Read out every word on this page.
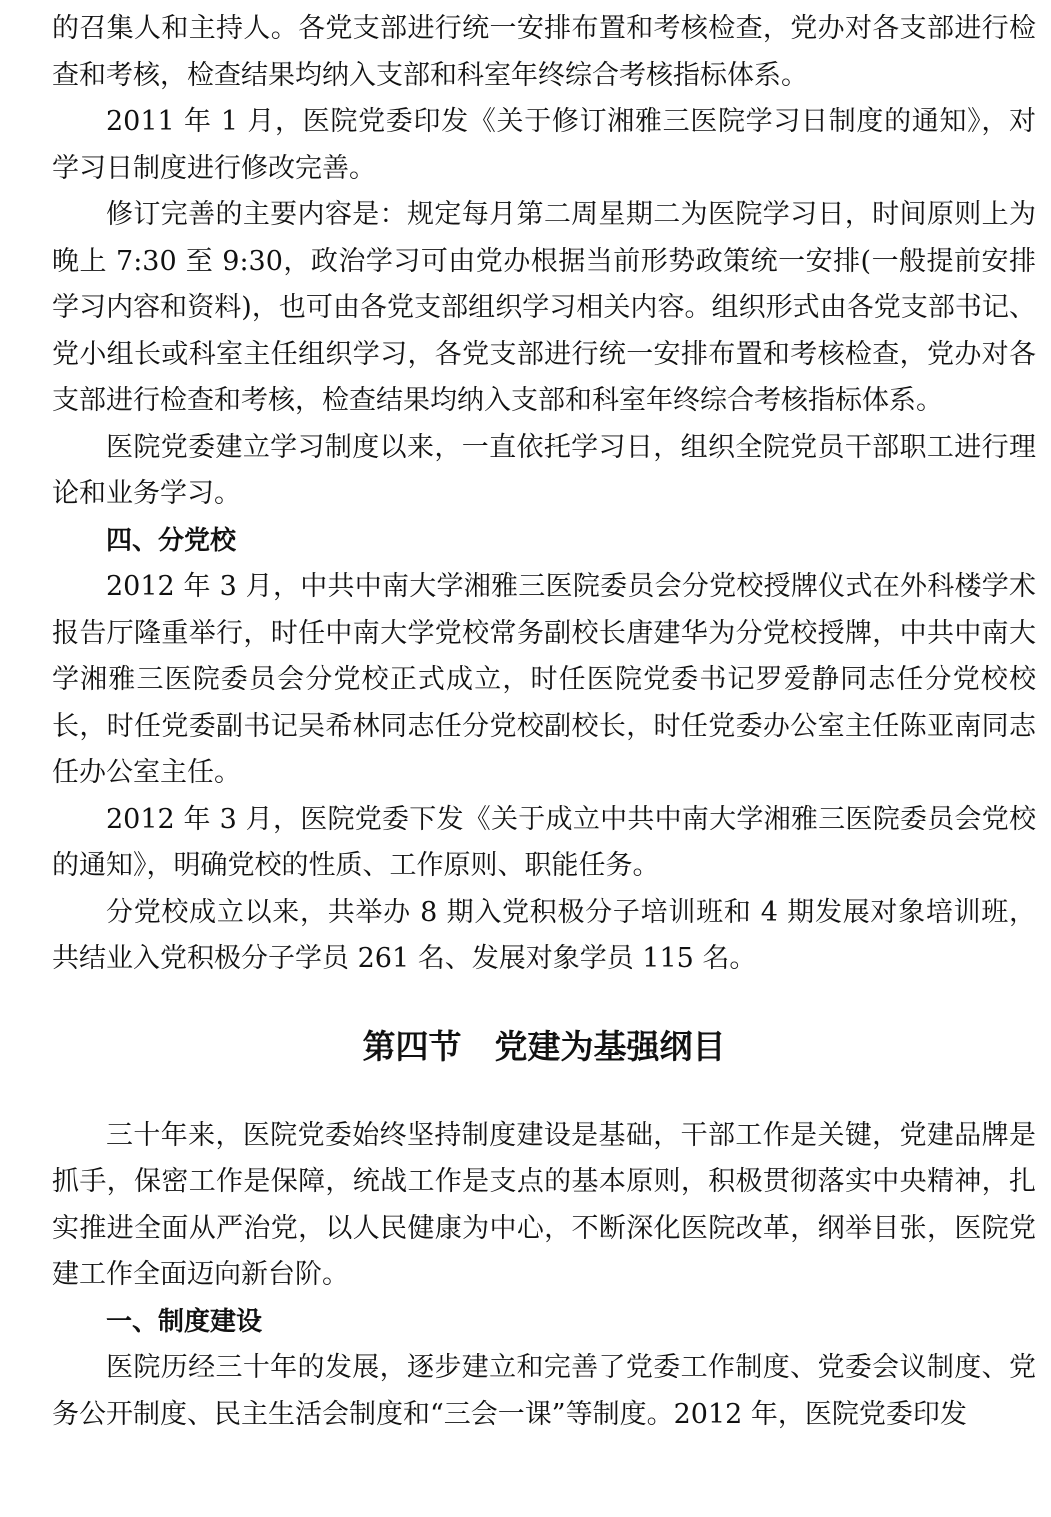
的召集人和主持人。各党支部进行统一安排布置和考核检查，党办对各支部进行检查和考核，检查结果均纳入支部和科室年终综合考核指标体系。

2011 年 1 月，医院党委印发《关于修订湘雅三医院学习日制度的通知》，对学习日制度进行修改完善。

修订完善的主要内容是：规定每月第二周星期二为医院学习日，时间原则上为晚上 7:30 至 9:30，政治学习可由党办根据当前形势政策统一安排(一般提前安排学习内容和资料)，也可由各党支部组织学习相关内容。组织形式由各党支部书记、党小组长或科室主任组织学习，各党支部进行统一安排布置和考核检查，党办对各支部进行检查和考核，检查结果均纳入支部和科室年终综合考核指标体系。

医院党委建立学习制度以来，一直依托学习日，组织全院党员干部职工进行理论和业务学习。

四、分党校

2012 年 3 月，中共中南大学湘雅三医院委员会分党校授牌仪式在外科楼学术报告厅隆重举行，时任中南大学党校常务副校长唐建华为分党校授牌，中共中南大学湘雅三医院委员会分党校正式成立，时任医院党委书记罗爱静同志任分党校校长，时任党委副书记吴希林同志任分党校副校长，时任党委办公室主任陈亚南同志任办公室主任。

2012 年 3 月，医院党委下发《关于成立中共中南大学湘雅三医院委员会党校的通知》，明确党校的性质、工作原则、职能任务。

分党校成立以来，共举办 8 期入党积极分子培训班和 4 期发展对象培训班，共结业入党积极分子学员 261 名、发展对象学员 115 名。

第四节　党建为基强纲目

三十年来，医院党委始终坚持制度建设是基础，干部工作是关键，党建品牌是抓手，保密工作是保障，统战工作是支点的基本原则，积极贯彻落实中央精神，扎实推进全面从严治党，以人民健康为中心，不断深化医院改革，纲举目张，医院党建工作全面迈向新台阶。

一、制度建设

医院历经三十年的发展，逐步建立和完善了党委工作制度、党委会议制度、党务公开制度、民主生活会制度和“三会一课”等制度。2012 年，医院党委印发
